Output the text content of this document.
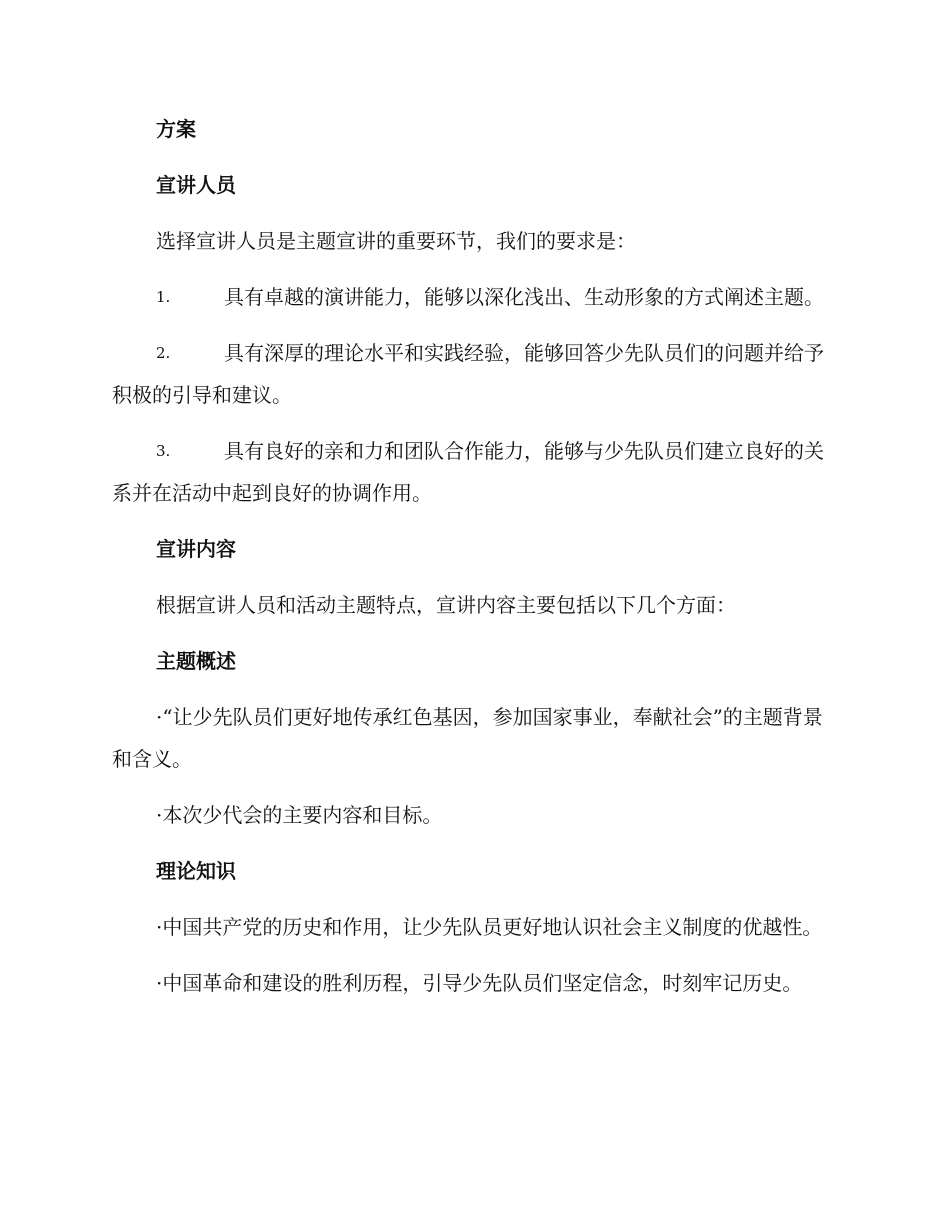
方案
宣讲人员

选择宣讲人员是主题宣讲的重要环节，我们的要求是：

1.	具有卓越的演讲能力，能够以深化浅出、生动形象的方式阐述主题。

2.	具有深厚的理论水平和实践经验，能够回答少先队员们的问题并给予积极的引导和建议。

3.	具有良好的亲和力和团队合作能力，能够与少先队员们建立良好的关系并在活动中起到良好的协调作用。

宣讲内容

根据宣讲人员和活动主题特点，宣讲内容主要包括以下几个方面：

主题概述

·“让少先队员们更好地传承红色基因，参加国家事业，奉献社会”的主题背景和含义。

·本次少代会的主要内容和目标。

理论知识

·中国共产党的历史和作用，让少先队员更好地认识社会主义制度的优越性。

·中国革命和建设的胜利历程，引导少先队员们坚定信念，时刻牢记历史。
